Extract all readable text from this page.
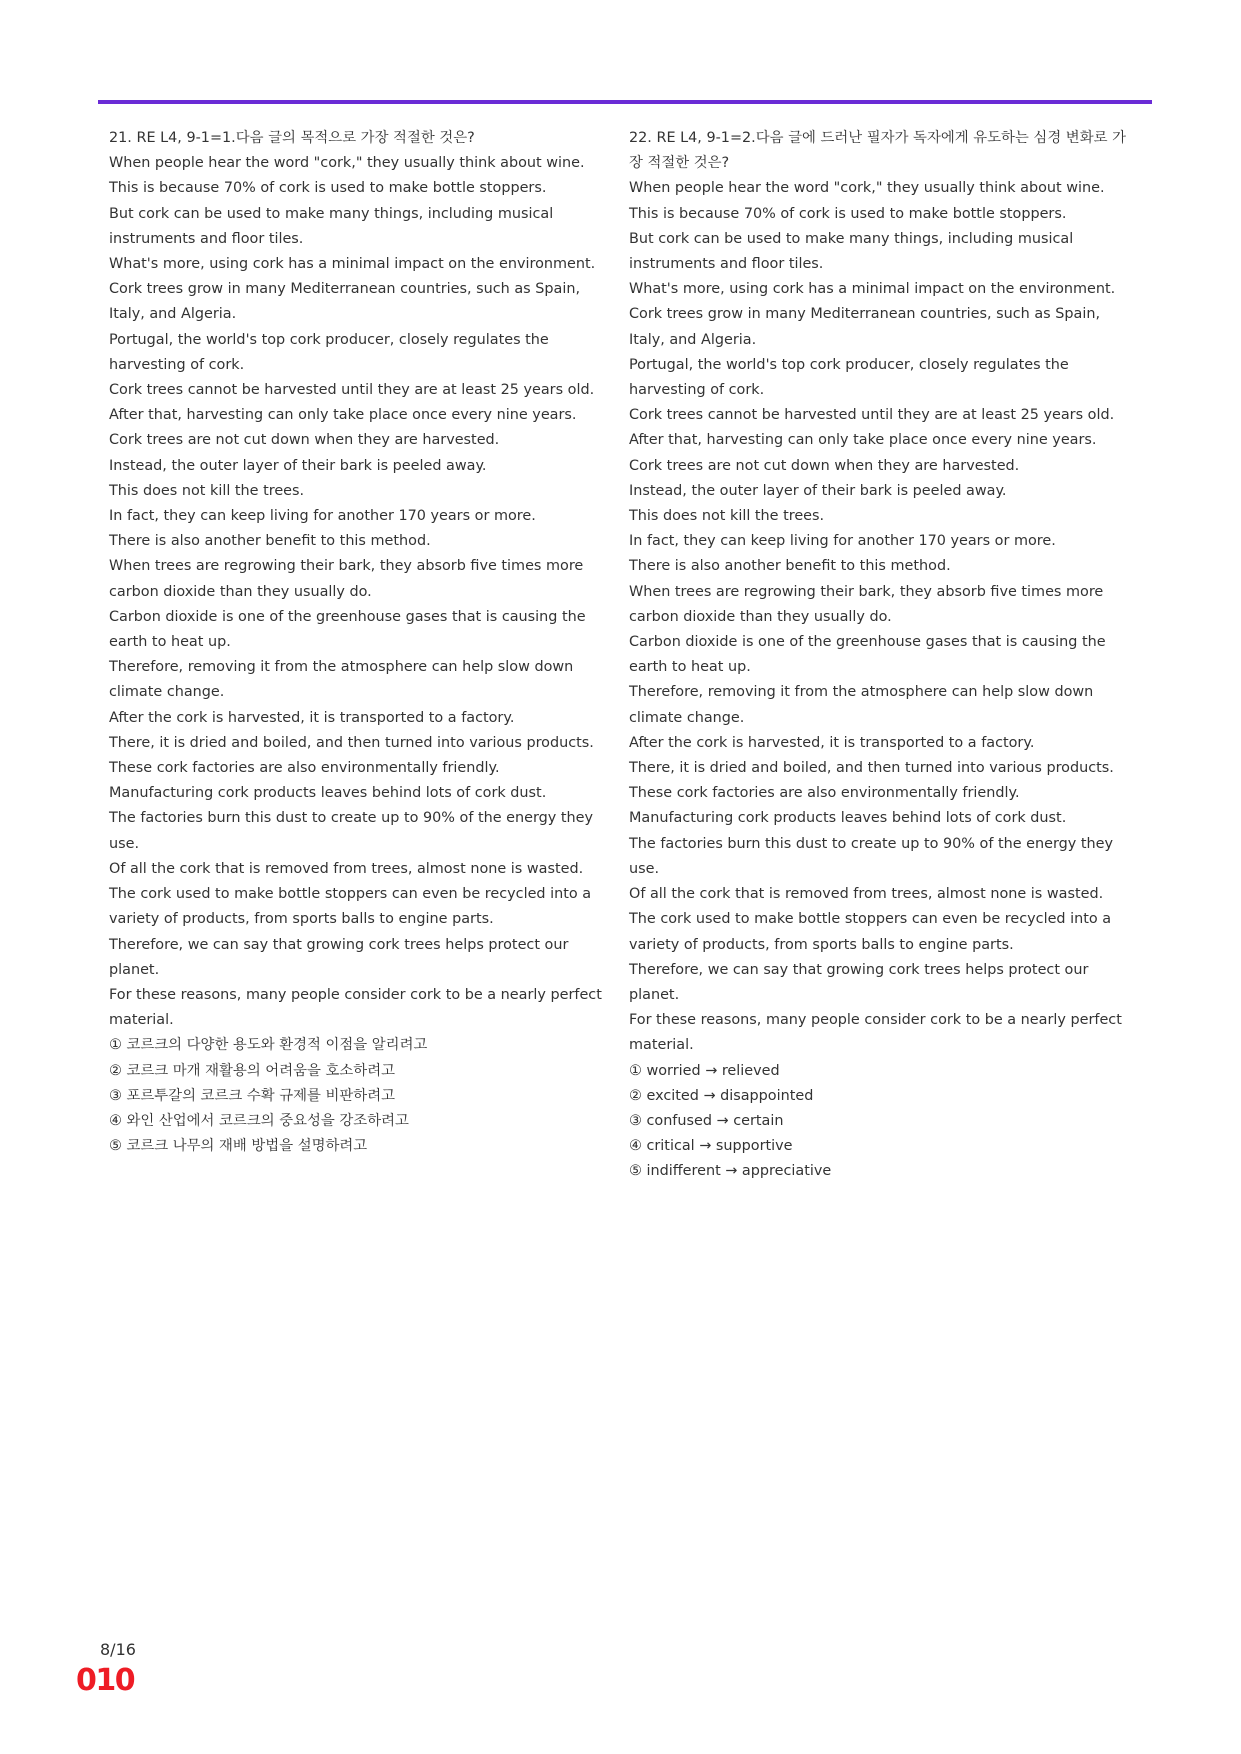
21. RE L4, 9-1=1.다음 글의 목적으로 가장 적절한 것은?

When people hear the word "cork," they usually think about wine.

This is because 70% of cork is used to make bottle stoppers.

But cork can be used to make many things, including musical instruments and floor tiles.

What's more, using cork has a minimal impact on the environment.

Cork trees grow in many Mediterranean countries, such as Spain, Italy, and Algeria.

Portugal, the world's top cork producer, closely regulates the harvesting of cork.

Cork trees cannot be harvested until they are at least 25 years old.

After that, harvesting can only take place once every nine years.

Cork trees are not cut down when they are harvested.

Instead, the outer layer of their bark is peeled away.

This does not kill the trees.

In fact, they can keep living for another 170 years or more.

There is also another benefit to this method.

When trees are regrowing their bark, they absorb five times more carbon dioxide than they usually do.

Carbon dioxide is one of the greenhouse gases that is causing the earth to heat up.

Therefore, removing it from the atmosphere can help slow down climate change.

After the cork is harvested, it is transported to a factory.

There, it is dried and boiled, and then turned into various products.

These cork factories are also environmentally friendly.

Manufacturing cork products leaves behind lots of cork dust.

The factories burn this dust to create up to 90% of the energy they use.

Of all the cork that is removed from trees, almost none is wasted.

The cork used to make bottle stoppers can even be recycled into a variety of products, from sports balls to engine parts.

Therefore, we can say that growing cork trees helps protect our planet.

For these reasons, many people consider cork to be a nearly perfect material.

① 코르크의 다양한 용도와 환경적 이점을 알리려고

② 코르크 마개 재활용의 어려움을 호소하려고

③ 포르투갈의 코르크 수확 규제를 비판하려고

④ 와인 산업에서 코르크의 중요성을 강조하려고

⑤ 코르크 나무의 재배 방법을 설명하려고

22. RE L4, 9-1=2.다음 글에 드러난 필자가 독자에게 유도하는 심경 변화로 가장 적절한 것은?

When people hear the word "cork," they usually think about wine.

This is because 70% of cork is used to make bottle stoppers.

But cork can be used to make many things, including musical instruments and floor tiles.

What's more, using cork has a minimal impact on the environment.

Cork trees grow in many Mediterranean countries, such as Spain, Italy, and Algeria.

Portugal, the world's top cork producer, closely regulates the harvesting of cork.

Cork trees cannot be harvested until they are at least 25 years old.

After that, harvesting can only take place once every nine years.

Cork trees are not cut down when they are harvested.

Instead, the outer layer of their bark is peeled away.

This does not kill the trees.

In fact, they can keep living for another 170 years or more.

There is also another benefit to this method.

When trees are regrowing their bark, they absorb five times more carbon dioxide than they usually do.

Carbon dioxide is one of the greenhouse gases that is causing the earth to heat up.

Therefore, removing it from the atmosphere can help slow down climate change.

After the cork is harvested, it is transported to a factory.

There, it is dried and boiled, and then turned into various products.

These cork factories are also environmentally friendly.

Manufacturing cork products leaves behind lots of cork dust.

The factories burn this dust to create up to 90% of the energy they use.

Of all the cork that is removed from trees, almost none is wasted.

The cork used to make bottle stoppers can even be recycled into a variety of products, from sports balls to engine parts.

Therefore, we can say that growing cork trees helps protect our planet.

For these reasons, many people consider cork to be a nearly perfect material.

① worried → relieved

② excited → disappointed

③ confused → certain

④ critical → supportive

⑤ indifferent → appreciative

8/16
010
